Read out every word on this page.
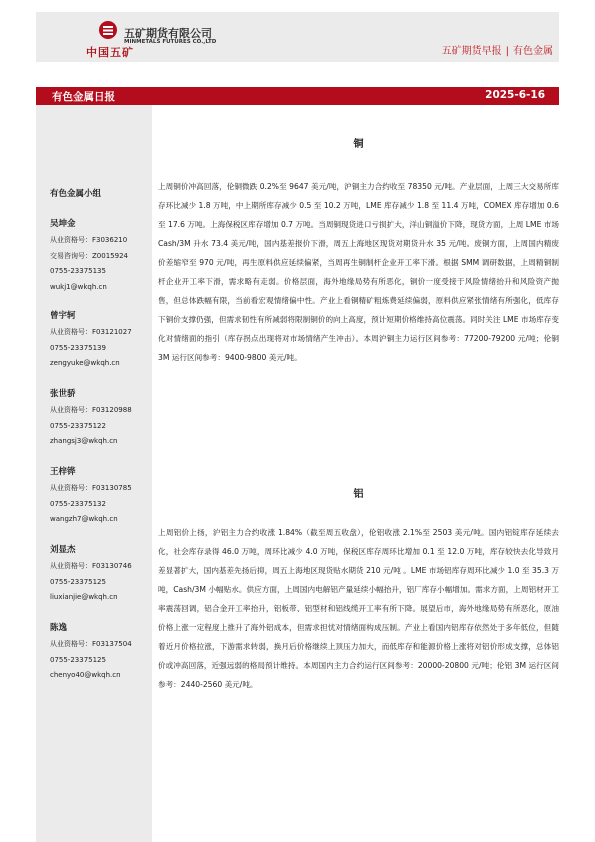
中国五矿
五矿期货有限公司
MINMETALS FUTURES CO.,LTD
五矿期货早报 | 有色金属
有色金属日报	2025-6-16
有色金属小组
吴坤金
从业资格号：F3036210
交易咨询号：Z0015924
0755-23375135
wukj1@wkqh.cn
曾宇轲
从业资格号：F03121027
0755-23375139
zengyuke@wkqh.cn
张世骄
从业资格号：F03120988
0755-23375122
zhangsj3@wkqh.cn
王梓铧
从业资格号：F03130785
0755-23375132
wangzh7@wkqh.cn
刘显杰
从业资格号：F03130746
0755-23375125
liuxianjie@wkqh.cn
陈逸
从业资格号：F03137504
0755-23375125
chenyo40@wkqh.cn
铜
上周铜价冲高回落，伦铜微跌 0.2%至 9647 美元/吨，沪铜主力合约收至 78350 元/吨。产业层面，上周三大交易所库存环比减少 1.8 万吨，中上期所库存减少 0.5 至 10.2 万吨，LME 库存减少 1.8 至 11.4 万吨，COMEX 库存增加 0.6 至 17.6 万吨。上海保税区库存增加 0.7 万吨。当周铜现货进口亏损扩大，洋山铜溢价下降，现货方面，上周 LME 市场 Cash/3M 升水 73.4 美元/吨，国内基差报价下滑，周五上海地区现货对期货升水 35 元/吨。废铜方面，上周国内精废价差缩窄至 970 元/吨，再生原料供应延续偏紧，当周再生铜制杆企业开工率下滑。根据 SMM 调研数据，上周精铜制杆企业开工率下滑，需求略有走弱。价格层面，海外地缘局势有所恶化，铜价一度受接于风险情绪抬升和风险资产抛售，但总体跌幅有限，当前看宏观情绪偏中性。产业上看铜精矿粗炼费延续偏弱，原料供应紧张情绪有所强化，低库存下铜价支撑仍强，但需求韧性有所减弱将限制铜价的向上高度，预计短期价格维持高位震荡。同时关注 LME 市场库存变化对情绪面的指引（库存拐点出现将对市场情绪产生冲击）。本周沪铜主力运行区间参考：77200-79200 元/吨；伦铜 3M 运行区间参考：9400-9800 美元/吨。
铝
上周铝价上扬，沪铝主力合约收涨 1.84%（截至周五收盘），伦铝收涨 2.1%至 2503 美元/吨。国内铝锭库存延续去化，社会库存录得 46.0 万吨，周环比减少 4.0 万吨，保税区库存周环比增加 0.1 至 12.0 万吨，库存较快去化导致月差显著扩大，国内基差先扬后抑，周五上海地区现货贴水期货 210 元/吨 。LME 市场铝库存周环比减少 1.0 至 35.3 万吨，Cash/3M 小幅贴水。供应方面，上周国内电解铝产量延续小幅抬升，铝厂库存小幅增加。需求方面，上周铝材开工率震荡回调，铝合金开工率抬升，铝板带、铝型材和铝线缆开工率有所下降。展望后市，海外地缘局势有所恶化，原油价格上涨一定程度上推升了海外铝成本，但需求担忧对情绪面构成压制。产业上看国内铝库存依然处于多年低位，但随着近月价格拉涨，下游需求转弱，换月后价格继续上顶压力加大，而低库存和能源价格上涨将对铝价形成支撑，总体铝价或冲高回落，近强远弱的格局预计维持。本周国内主力合约运行区间参考：20000-20800 元/吨；伦铝 3M 运行区间参考：2440-2560 美元/吨。
